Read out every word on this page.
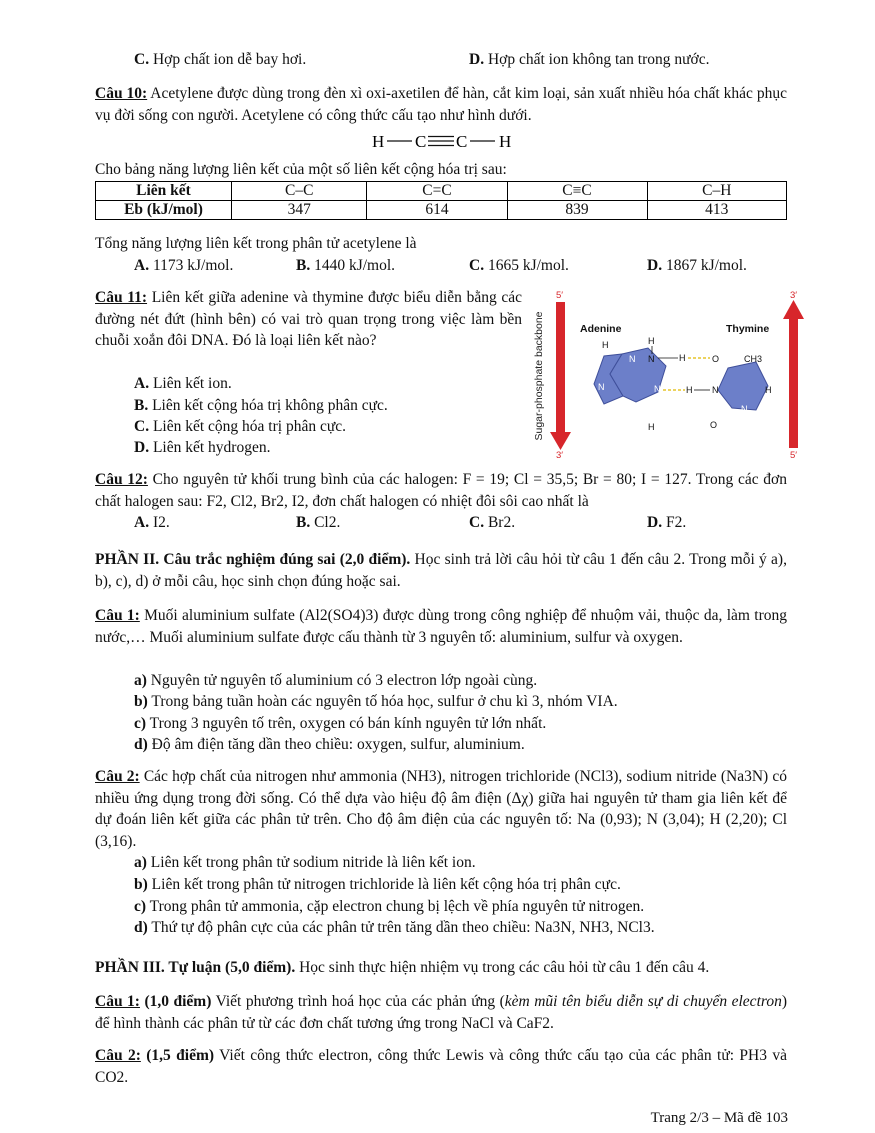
C. Hợp chất ion dễ bay hơi.	D. Hợp chất ion không tan trong nước.
Câu 10: Acetylene được dùng trong đèn xì oxi-axetilen để hàn, cắt kim loại, sản xuất nhiều hóa chất khác phục vụ đời sống con người. Acetylene có công thức cấu tạo như hình dưới.
H C C H
Cho bảng năng lượng liên kết của một số liên kết cộng hóa trị sau:
Liên kết	C–C	C=C	C≡C	C–H
Eb (kJ/mol)	347	614	839	413
Tổng năng lượng liên kết trong phân tử acetylene là
A. 1173 kJ/mol.	B. 1440 kJ/mol.	C. 1665 kJ/mol.	D. 1867 kJ/mol.
Câu 11: Liên kết giữa adenine và thymine được biểu diễn bằng các đường nét đứt (hình bên) có vai trò quan trọng trong việc làm bền chuỗi xoắn đôi DNA. Đó là loại liên kết nào?
A. Liên kết ion.
B. Liên kết cộng hóa trị không phân cực.
C. Liên kết cộng hóa trị phân cực.
D. Liên kết hydrogen.
Sugar-phosphate backbone
5′
3′
3′
5′
Adenine	Thymine
H
N
N
N
N
H
N
H
H	O
H N
CH3
H
N
O
Câu 12: Cho nguyên tử khối trung bình của các halogen: F = 19; Cl = 35,5; Br = 80; I = 127. Trong các đơn chất halogen sau: F2, Cl2, Br2, I2, đơn chất halogen có nhiệt đôi sôi cao nhất là
A. I2.	B. Cl2.	C. Br2.	D. F2.
PHẦN II. Câu trắc nghiệm đúng sai (2,0 điểm). Học sinh trả lời câu hỏi từ câu 1 đến câu 2. Trong mỗi ý a), b), c), d) ở mỗi câu, học sinh chọn đúng hoặc sai.
Câu 1: Muối aluminium sulfate (Al2(SO4)3) được dùng trong công nghiệp để nhuộm vải, thuộc da, làm trong nước,… Muối aluminium sulfate được cấu thành từ 3 nguyên tố: aluminium, sulfur và oxygen.
a) Nguyên tử nguyên tố aluminium có 3 electron lớp ngoài cùng.
b) Trong bảng tuần hoàn các nguyên tố hóa học, sulfur ở chu kì 3, nhóm VIA.
c) Trong 3 nguyên tố trên, oxygen có bán kính nguyên tử lớn nhất.
d) Độ âm điện tăng dần theo chiều: oxygen, sulfur, aluminium.
Câu 2: Các hợp chất của nitrogen như ammonia (NH3), nitrogen trichloride (NCl3), sodium nitride (Na3N) có nhiều ứng dụng trong đời sống. Có thể dựa vào hiệu độ âm điện (Δχ) giữa hai nguyên tử tham gia liên kết để dự đoán liên kết giữa các phân tử trên. Cho độ âm điện của các nguyên tố: Na (0,93); N (3,04); H (2,20); Cl (3,16).
a) Liên kết trong phân tử sodium nitride là liên kết ion.
b) Liên kết trong phân tử nitrogen trichloride là liên kết cộng hóa trị phân cực.
c) Trong phân tử ammonia, cặp electron chung bị lệch về phía nguyên tử nitrogen.
d) Thứ tự độ phân cực của các phân tử trên tăng dần theo chiều: Na3N, NH3, NCl3.
PHẦN III. Tự luận (5,0 điểm). Học sinh thực hiện nhiệm vụ trong các câu hỏi từ câu 1 đến câu 4.
Câu 1: (1,0 điểm) Viết phương trình hoá học của các phản ứng (kèm mũi tên biểu diễn sự di chuyển electron) để hình thành các phân tử từ các đơn chất tương ứng trong NaCl và CaF2.
Câu 2: (1,5 điểm) Viết công thức electron, công thức Lewis và công thức cấu tạo của các phân tử: PH3 và CO2.
Trang 2/3 – Mã đề 103
